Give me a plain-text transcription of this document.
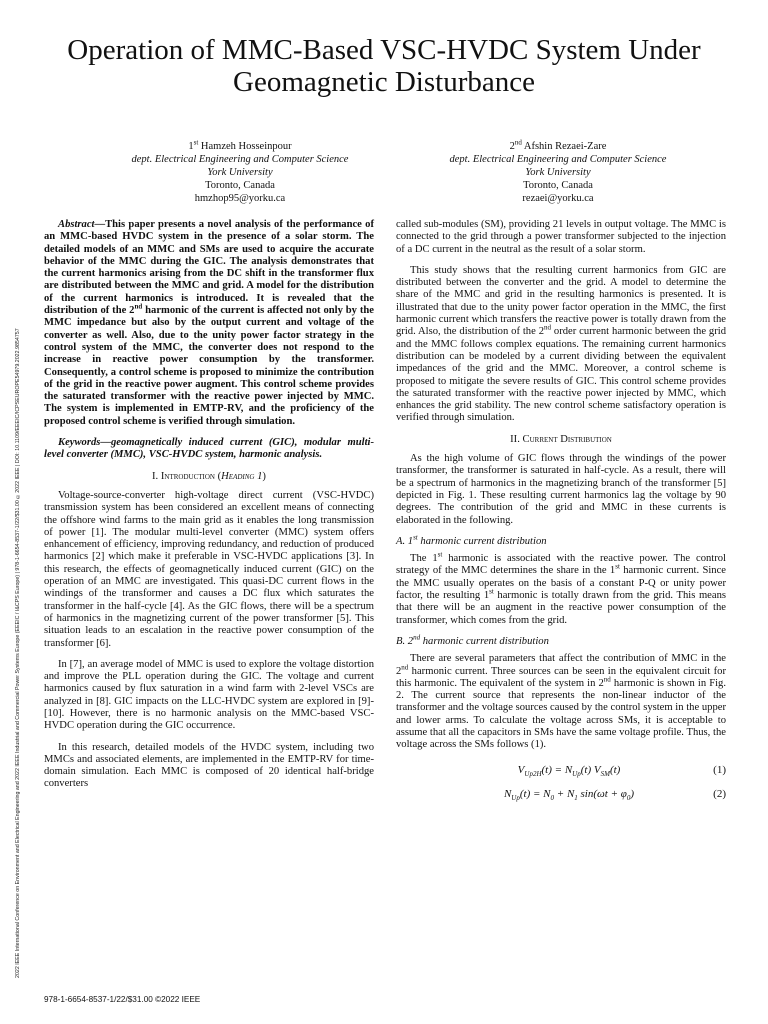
2022 IEEE International Conference on Environment and Electrical Engineering and 2022 IEEE Industrial and Commercial Power Systems Europe (EEEIC / I&CPS Europe) | 978-1-6654-8537-1/22/$31.00 ©2022 IEEE | DOI: 10.1109/EEEIC/ICPSEUROPE54979.2022.9854757
Operation of MMC-Based VSC-HVDC System Under Geomagnetic Disturbance
1st Hamzeh Hosseinpour
dept. Electrical Engineering and Computer Science
York University
Toronto, Canada
hmzhop95@yorku.ca
2nd Afshin Rezaei-Zare
dept. Electrical Engineering and Computer Science
York University
Toronto, Canada
rezaei@yorku.ca

Abstract—This paper presents a novel analysis of the performance of an MMC-based HVDC system in the presence of a solar storm. The detailed models of an MMC and SMs are used to acquire the accurate behavior of the MMC during the GIC. The analysis demonstrates that the current harmonics arising from the DC shift in the transformer flux are distributed between the MMC and grid. A model for the distribution of the current harmonics is introduced. It is revealed that the distribution of the 2nd harmonic of the current is affected not only by the MMC impedance but also by the output current and voltage of the converter as well. Also, due to the unity power factor strategy in the control system of the MMC, the converter does not respond to the increase in reactive power consumption by the transformer. Consequently, a control scheme is proposed to minimize the contribution of the grid in the reactive power augment. This control scheme provides the saturated transformer with the reactive power injected by MMC. The system is implemented in EMTP-RV, and the proficiency of the proposed control scheme is verified through simulation.

Keywords—geomagnetically induced current (GIC), modular multi-level converter (MMC), VSC-HVDC system, harmonic analysis.

I. Introduction (Heading 1)

Voltage-source-converter high-voltage direct current (VSC-HVDC) transmission system has been considered an excellent means of connecting the offshore wind farms to the main grid as it enables the long transmission of power [1]. The modular multi-level converter (MMC) system offers enhancement of efficiency, improving redundancy, and reduction of produced harmonics [2] which make it preferable in VSC-HVDC applications [3]. In this research, the effects of geomagnetically induced current (GIC) on the operation of an MMC are investigated. This quasi-DC current flows in the windings of the transformer and causes a DC flux which saturates the transformer in the half-cycle [4]. As the GIC flows, there will be a spectrum of harmonics in the magnetizing current of the power transformer [5]. This situation leads to an escalation in the reactive power consumption of the transformer [6].

In [7], an average model of MMC is used to explore the voltage distortion and improve the PLL operation during the GIC. The voltage and current harmonics caused by flux saturation in a wind farm with 2-level VSCs are analyzed in [8]. GIC impacts on the LLC-HVDC system are explored in [9]-[10]. However, there is no harmonic analysis on the MMC-based VSC-HVDC operation during the GIC occurrence.

In this research, detailed models of the HVDC system, including two MMCs and associated elements, are implemented in the EMTP-RV for time-domain simulation. Each MMC is composed of 20 identical half-bridge converters

called sub-modules (SM), providing 21 levels in output voltage. The MMC is connected to the grid through a power transformer subjected to the injection of a DC current in the neutral as the result of a solar storm.

This study shows that the resulting current harmonics from GIC are distributed between the converter and the grid. A model to determine the share of the MMC and grid in the resulting harmonics is presented. It is illustrated that due to the unity power factor operation in the MMC, the first harmonic current which transfers the reactive power is totally drawn from the grid. Also, the distribution of the 2nd order current harmonic between the grid and the MMC follows complex equations. The remaining current harmonics distribution can be modeled by a current dividing between the equivalent impedances of the grid and the MMC. Moreover, a control scheme is proposed to mitigate the severe results of GIC. This control scheme provides the saturated transformer with the reactive power injected by MMC, which enhances the grid stability. The new control scheme satisfactory operation is verified through simulation.

II. Current Distribution

As the high volume of GIC flows through the windings of the power transformer, the transformer is saturated in half-cycle. As a result, there will be a spectrum of harmonics in the magnetizing branch of the transformer [5] depicted in Fig. 1. These resulting current harmonics lag the voltage by 90 degrees. The contribution of the grid and MMC in these currents is elaborated in the following.

A. 1st harmonic current distribution

The 1st harmonic is associated with the reactive power. The control strategy of the MMC determines the share in the 1st harmonic current. Since the MMC usually operates on the basis of a constant P-Q or unity power factor, the resulting 1st harmonic is totally drawn from the grid. This means that there will be an augment in the reactive power consumption of the transformer, which comes from the grid.

B. 2nd harmonic current distribution

There are several parameters that affect the contribution of MMC in the 2nd harmonic current. Three sources can be seen in the equivalent circuit for this harmonic. The equivalent of the system in 2nd harmonic is shown in Fig. 2. The current source that represents the non-linear inductor of the transformer and the voltage sources caused by the control system in the upper and lower arms. To calculate the voltage across SMs, it is acceptable to assume that all the capacitors in SMs have the same voltage profile. Thus, the voltage across the SMs follows (1).

$V_{Up2H}(t) = N_{Up}(t)$ $V_{SM}(t)$	(1)
$N_{Up}(t) = N_0 + N_1$ $\sin(\omega t + \varphi_0)$	(2)
978-1-6654-8537-1/22/$31.00 ©2022 IEEE
